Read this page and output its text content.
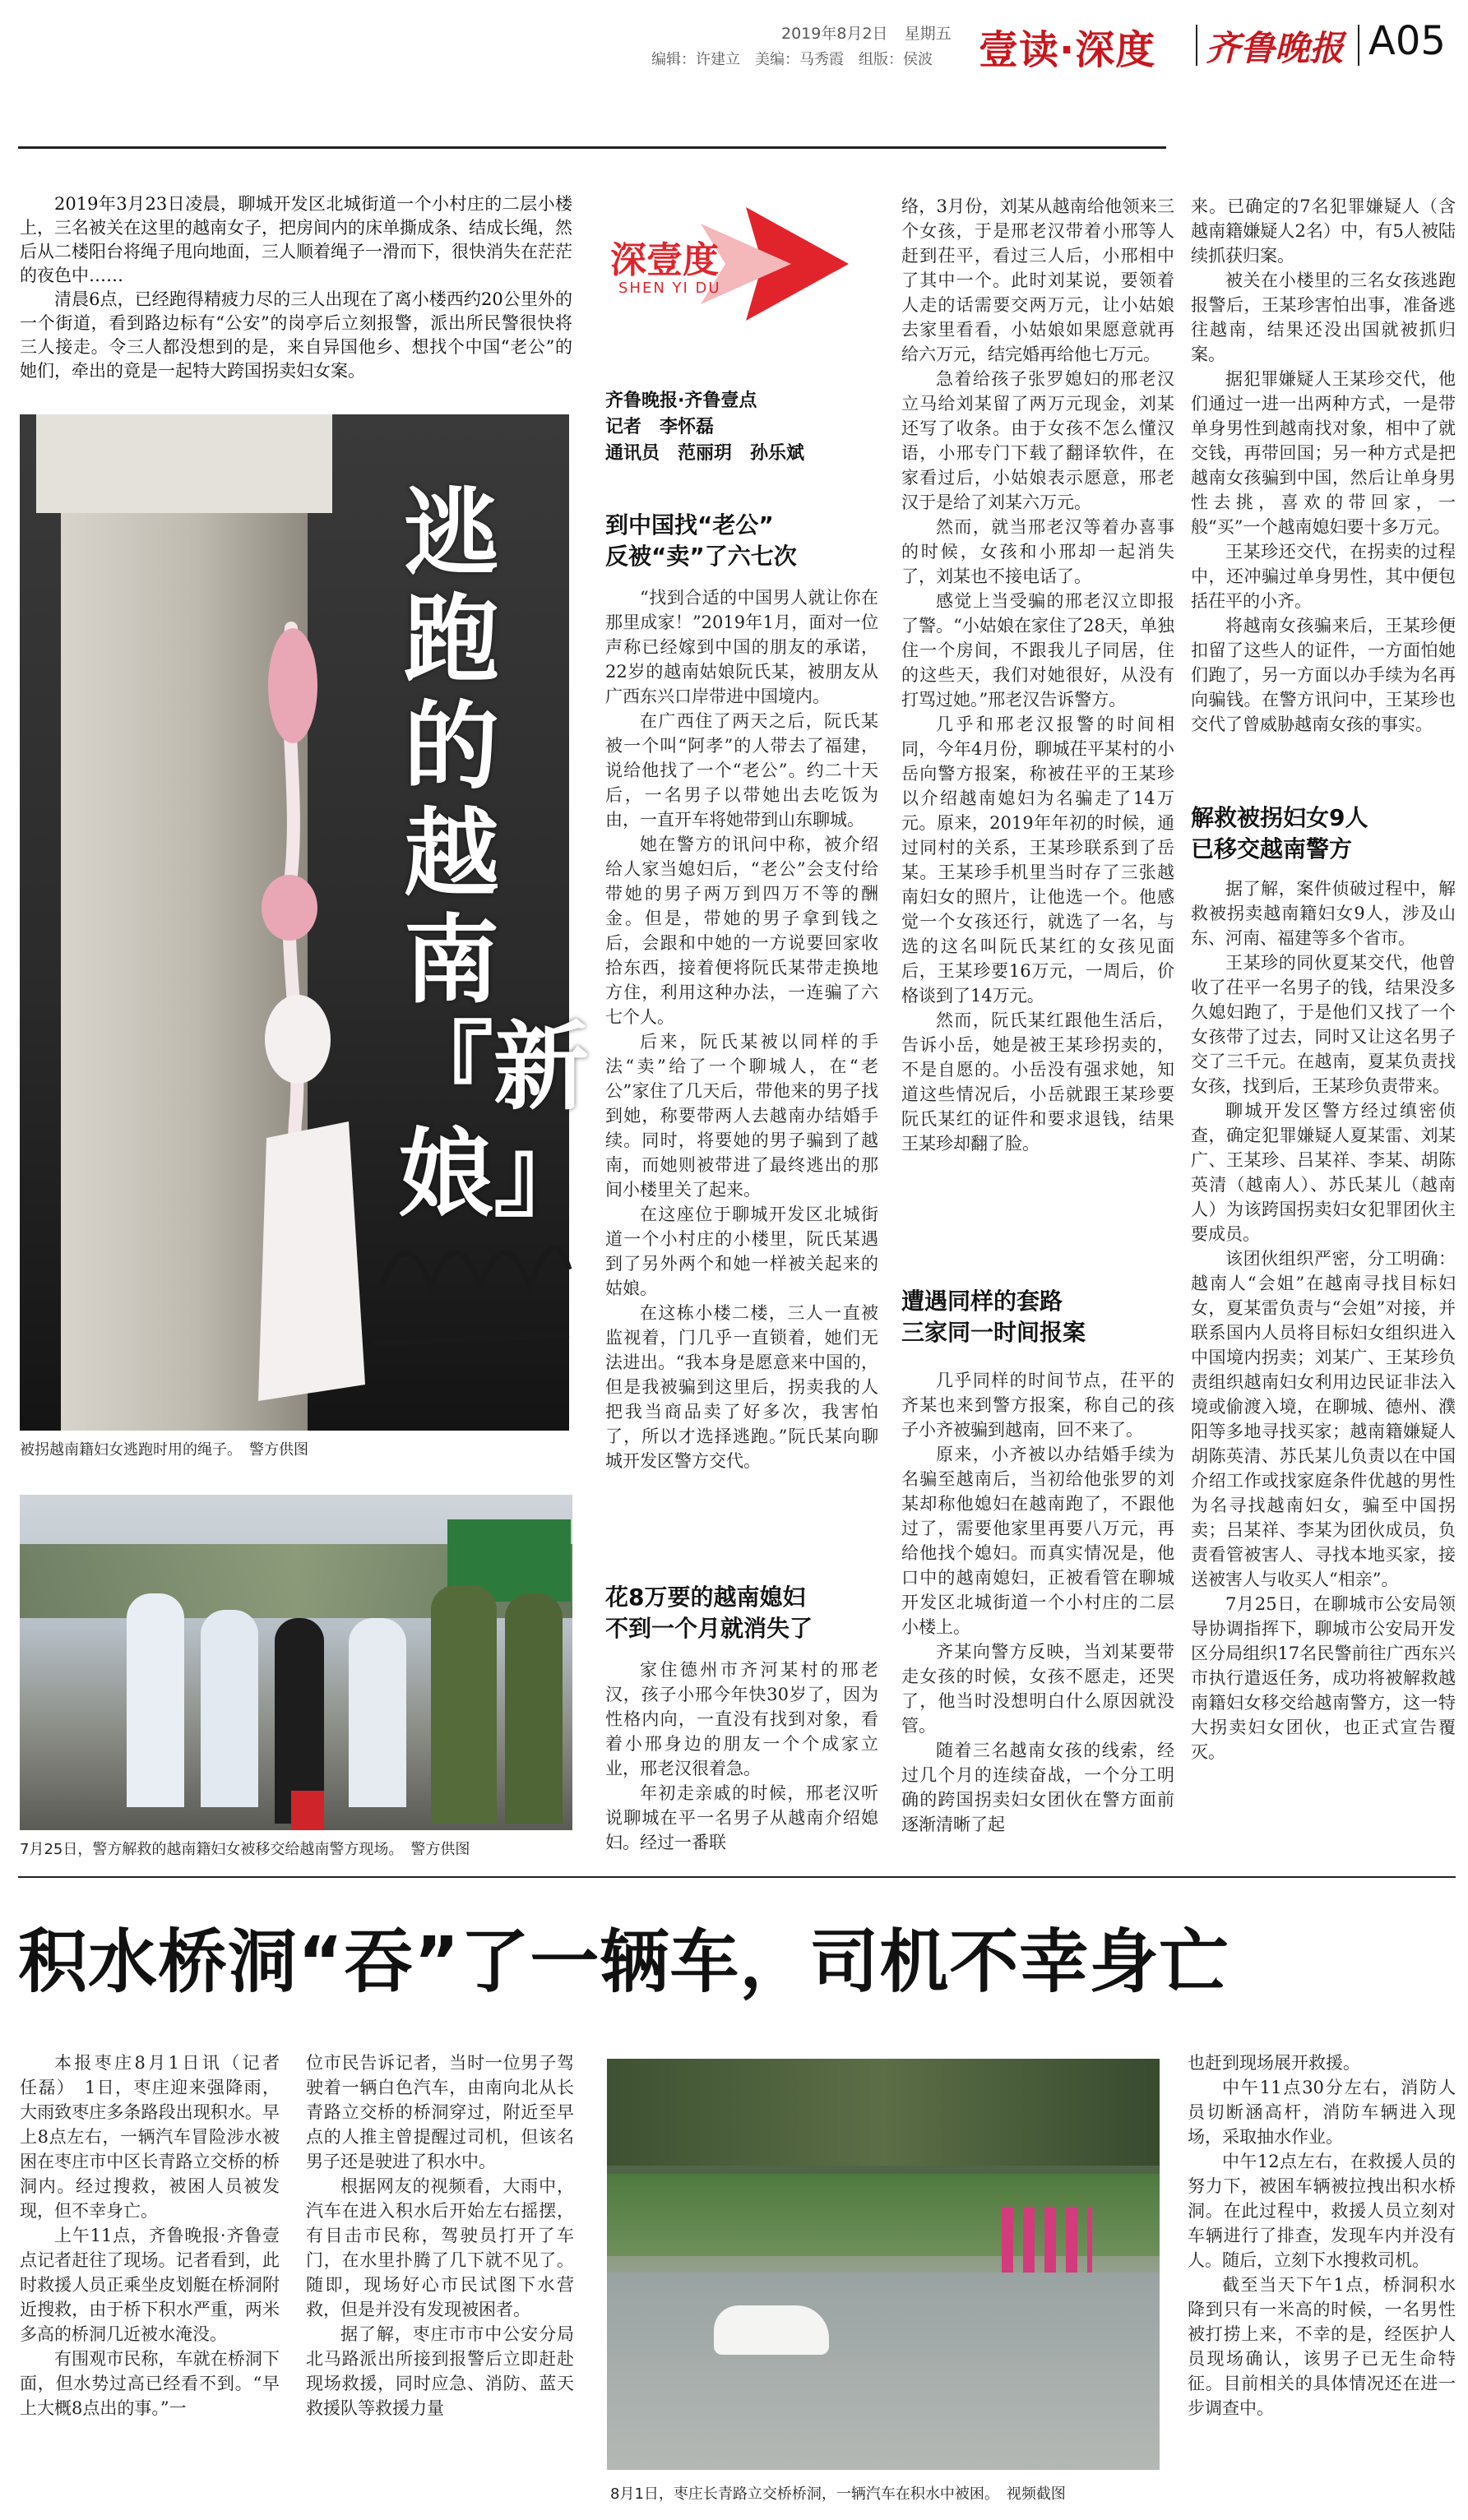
2019年8月2日 星期五
编辑：许建立　美编：马秀霞　组版：侯波 壹读·深度 齐鲁晚报 A05

2019年3月23日凌晨，聊城开发区北城街道一个小村庄的二层小楼上，三名被关在这里的越南女子，把房间内的床单撕成条、结成长绳，然后从二楼阳台将绳子甩向地面，三人顺着绳子一滑而下，很快消失在茫茫的夜色中……

清晨6点，已经跑得精疲力尽的三人出现在了离小楼西约20公里外的一个街道，看到路边标有“公安”的岗亭后立刻报警，派出所民警很快将三人接走。令三人都没想到的是，来自异国他乡、想找个中国“老公”的她们，牵出的竟是一起特大跨国拐卖妇女案。

逃跑的越南『新娘』
被拐越南籍妇女逃跑时用的绳子。　警方供图
7月25日，警方解救的越南籍妇女被移交给越南警方现场。　警方供图
深壹度
SHEN YI DU
齐鲁晚报·齐鲁壹点
记者　李怀磊
通讯员　范丽玥　孙乐斌
到中国找“老公”
反被“卖”了六七次

“找到合适的中国男人就让你在那里成家！”2019年1月，面对一位声称已经嫁到中国的朋友的承诺，22岁的越南姑娘阮氏某，被朋友从广西东兴口岸带进中国境内。

在广西住了两天之后，阮氏某被一个叫“阿孝”的人带去了福建，说给他找了一个“老公”。约二十天后，一名男子以带她出去吃饭为由，一直开车将她带到山东聊城。

她在警方的讯问中称，被介绍给人家当媳妇后，“老公”会支付给带她的男子两万到四万不等的酬金。但是，带她的男子拿到钱之后，会跟和中她的一方说要回家收拾东西，接着便将阮氏某带走换地方住，利用这种办法，一连骗了六七个人。

后来，阮氏某被以同样的手法“卖”给了一个聊城人，在“老公”家住了几天后，带他来的男子找到她，称要带两人去越南办结婚手续。同时，将要她的男子骗到了越南，而她则被带进了最终逃出的那间小楼里关了起来。

在这座位于聊城开发区北城街道一个小村庄的小楼里，阮氏某遇到了另外两个和她一样被关起来的姑娘。

在这栋小楼二楼，三人一直被监视着，门几乎一直锁着，她们无法进出。“我本身是愿意来中国的，但是我被骗到这里后，拐卖我的人把我当商品卖了好多次，我害怕了，所以才选择逃跑。”阮氏某向聊城开发区警方交代。

花8万要的越南媳妇
不到一个月就消失了

家住德州市齐河某村的邢老汉，孩子小邢今年快30岁了，因为性格内向，一直没有找到对象，看着小邢身边的朋友一个个成家立业，邢老汉很着急。

年初走亲戚的时候，邢老汉听说聊城在平一名男子从越南介绍媳妇。经过一番联

络，3月份，刘某从越南给他领来三个女孩，于是邢老汉带着小邢等人赶到茌平，看过三人后，小邢相中了其中一个。此时刘某说，要领着人走的话需要交两万元，让小姑娘去家里看看，小姑娘如果愿意就再给六万元，结完婚再给他七万元。

急着给孩子张罗媳妇的邢老汉立马给刘某留了两万元现金，刘某还写了收条。由于女孩不怎么懂汉语，小邢专门下载了翻译软件，在家看过后，小姑娘表示愿意，邢老汉于是给了刘某六万元。

然而，就当邢老汉等着办喜事的时候，女孩和小邢却一起消失了，刘某也不接电话了。

感觉上当受骗的邢老汉立即报了警。“小姑娘在家住了28天，单独住一个房间，不跟我儿子同居，住的这些天，我们对她很好，从没有打骂过她。”邢老汉告诉警方。

几乎和邢老汉报警的时间相同，今年4月份，聊城茌平某村的小岳向警方报案，称被茌平的王某珍以介绍越南媳妇为名骗走了14万元。原来，2019年年初的时候，通过同村的关系，王某珍联系到了岳某。王某珍手机里当时存了三张越南妇女的照片，让他选一个。他感觉一个女孩还行，就选了一名，与选的这名叫阮氏某红的女孩见面后，王某珍要16万元，一周后，价格谈到了14万元。

然而，阮氏某红跟他生活后，告诉小岳，她是被王某珍拐卖的，不是自愿的。小岳没有强求她，知道这些情况后，小岳就跟王某珍要阮氏某红的证件和要求退钱，结果王某珍却翻了脸。

遭遇同样的套路
三家同一时间报案

几乎同样的时间节点，茌平的齐某也来到警方报案，称自己的孩子小齐被骗到越南，回不来了。

原来，小齐被以办结婚手续为名骗至越南后，当初给他张罗的刘某却称他媳妇在越南跑了，不跟他过了，需要他家里再要八万元，再给他找个媳妇。而真实情况是，他口中的越南媳妇，正被看管在聊城开发区北城街道一个小村庄的二层小楼上。

齐某向警方反映，当刘某要带走女孩的时候，女孩不愿走，还哭了，他当时没想明白什么原因就没管。

随着三名越南女孩的线索，经过几个月的连续奋战，一个分工明确的跨国拐卖妇女团伙在警方面前逐渐清晰了起

来。已确定的7名犯罪嫌疑人（含越南籍嫌疑人2名）中，有5人被陆续抓获归案。

被关在小楼里的三名女孩逃跑报警后，王某珍害怕出事，准备逃往越南，结果还没出国就被抓归案。

据犯罪嫌疑人王某珍交代，他们通过一进一出两种方式，一是带单身男性到越南找对象，相中了就交钱，再带回国；另一种方式是把越南女孩骗到中国，然后让单身男性去挑，喜欢的带回家，一般“买”一个越南媳妇要十多万元。

王某珍还交代，在拐卖的过程中，还冲骗过单身男性，其中便包括茌平的小齐。

将越南女孩骗来后，王某珍便扣留了这些人的证件，一方面怕她们跑了，另一方面以办手续为名再向骗钱。在警方讯问中，王某珍也交代了曾威胁越南女孩的事实。

解救被拐妇女9人
已移交越南警方

据了解，案件侦破过程中，解救被拐卖越南籍妇女9人，涉及山东、河南、福建等多个省市。

王某珍的同伙夏某交代，他曾收了茌平一名男子的钱，结果没多久媳妇跑了，于是他们又找了一个女孩带了过去，同时又让这名男子交了三千元。在越南，夏某负责找女孩，找到后，王某珍负责带来。

聊城开发区警方经过缜密侦查，确定犯罪嫌疑人夏某雷、刘某广、王某珍、吕某祥、李某、胡陈英清（越南人）、苏氏某儿（越南人）为该跨国拐卖妇女犯罪团伙主要成员。

该团伙组织严密，分工明确：越南人“会姐”在越南寻找目标妇女，夏某雷负责与“会姐”对接，并联系国内人员将目标妇女组织进入中国境内拐卖；刘某广、王某珍负责组织越南妇女利用边民证非法入境或偷渡入境，在聊城、德州、濮阳等多地寻找买家；越南籍嫌疑人胡陈英清、苏氏某儿负责以在中国介绍工作或找家庭条件优越的男性为名寻找越南妇女，骗至中国拐卖；吕某祥、李某为团伙成员，负责看管被害人、寻找本地买家，接送被害人与收买人“相亲”。

7月25日，在聊城市公安局领导协调指挥下，聊城市公安局开发区分局组织17名民警前往广西东兴市执行遣返任务，成功将被解救越南籍妇女移交给越南警方，这一特大拐卖妇女团伙，也正式宣告覆灭。

积水桥洞“吞”了一辆车，司机不幸身亡

本报枣庄8月1日讯（记者　任磊）　1日，枣庄迎来强降雨，大雨致枣庄多条路段出现积水。早上8点左右，一辆汽车冒险涉水被困在枣庄市中区长青路立交桥的桥洞内。经过搜救，被困人员被发现，但不幸身亡。

上午11点，齐鲁晚报·齐鲁壹点记者赶往了现场。记者看到，此时救援人员正乘坐皮划艇在桥洞附近搜救，由于桥下积水严重，两米多高的桥洞几近被水淹没。

有围观市民称，车就在桥洞下面，但水势过高已经看不到。“早上大概8点出的事。”一

位市民告诉记者，当时一位男子驾驶着一辆白色汽车，由南向北从长青路立交桥的桥洞穿过，附近至早点的人推主曾提醒过司机，但该名男子还是驶进了积水中。

根据网友的视频看，大雨中，汽车在进入积水后开始左右摇摆，有目击市民称，驾驶员打开了车门，在水里扑腾了几下就不见了。随即，现场好心市民试图下水营救，但是并没有发现被困者。

据了解，枣庄市市中公安分局北马路派出所接到报警后立即赶赴现场救援，同时应急、消防、蓝天救援队等救援力量

8月1日，枣庄长青路立交桥桥洞，一辆汽车在积水中被困。　视频截图

也赶到现场展开救援。

中午11点30分左右，消防人员切断涵高杆，消防车辆进入现场，采取抽水作业。

中午12点左右，在救援人员的努力下，被困车辆被拉拽出积水桥洞。在此过程中，救援人员立刻对车辆进行了排查，发现车内并没有人。随后，立刻下水搜救司机。

截至当天下午1点，桥洞积水降到只有一米高的时候，一名男性被打捞上来，不幸的是，经医护人员现场确认，该男子已无生命特征。目前相关的具体情况还在进一步调查中。
